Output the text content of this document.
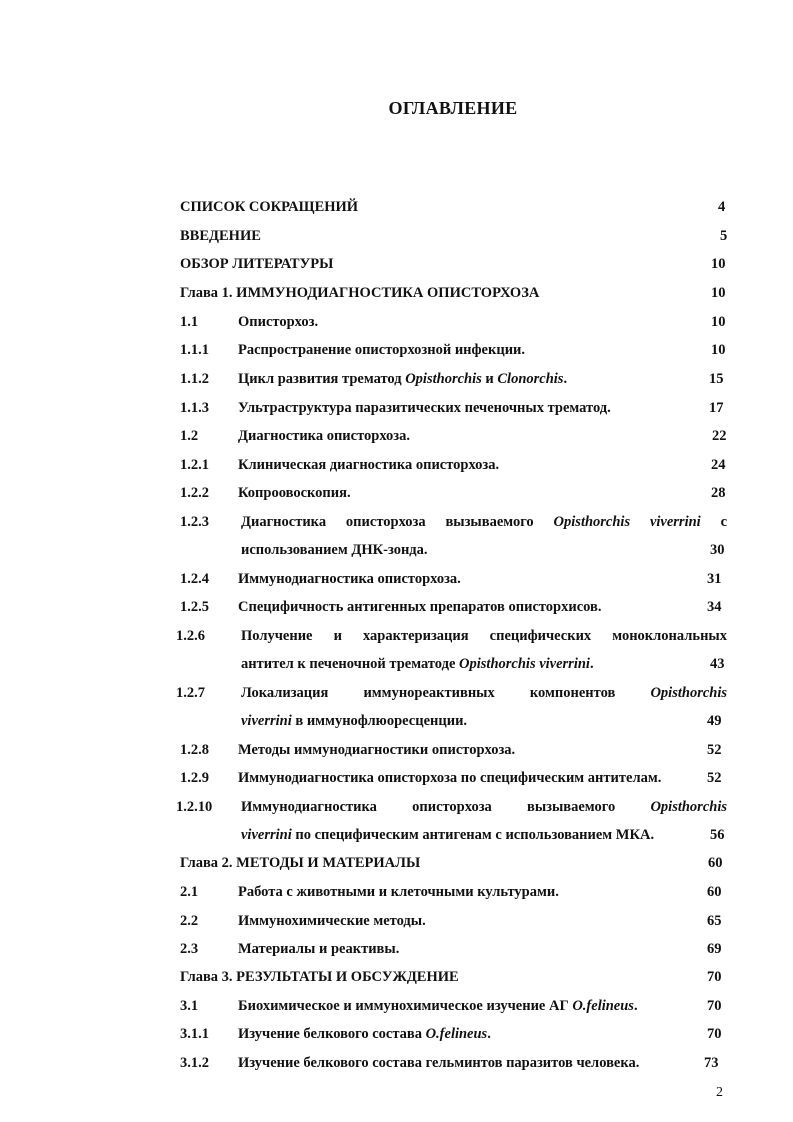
ОГЛАВЛЕНИЕ
СПИСОК СОКРАЩЕНИЙ	4
ВВЕДЕНИЕ	5
ОБЗОР ЛИТЕРАТУРЫ	10
Глава 1. ИММУНОДИАГНОСТИКА ОПИСТОРХОЗА	10
1.1	Описторхоз.	10
1.1.1 Распространение описторхозной инфекции.	10
1.1.2 Цикл развития трематод Opisthorchis и Clonorchis.	15
1.1.3 Ультраструктура паразитических печеночных трематод.	17
1.2	Диагностика описторхоза.	22
1.2.1 Клиническая диагностика описторхоза.	24
1.2.2 Копроовоскопия.	28
1.2.3 Диагностика описторхоза вызываемого Opisthorchis viverrini с
использованием ДНК-зонда.	30
1.2.4 Иммунодиагностика описторхоза.	31
1.2.5 Специфичность антигенных препаратов описторхисов.	34
1.2.6 Получение и характеризация специфических моноклональных
антител к печеночной трематоде Opisthorchis viverrini.	43
1.2.7 Локализация иммунореактивных компонентов Opisthorchis
viverrini в иммунофлюоресценции.	49
1.2.8 Методы иммунодиагностики описторхоза.	52
1.2.9 Иммунодиагностика описторхоза по специфическим антителам.	52
1.2.10 Иммунодиагностика описторхоза вызываемого Opisthorchis
viverrini по специфическим антигенам с использованием МКА.	56
Глава 2. МЕТОДЫ И МАТЕРИАЛЫ	60
2.1	Работа с животными и клеточными культурами.	60
2.2	Иммунохимические методы.	65
2.3	Материалы и реактивы.	69
Глава 3. РЕЗУЛЬТАТЫ И ОБСУЖДЕНИЕ	70
3.1	Биохимическое и иммунохимическое изучение АГ O.felineus.	70
3.1.1 Изучение белкового состава O.felineus.	70
3.1.2 Изучение белкового состава гельминтов паразитов человека.	73
2
